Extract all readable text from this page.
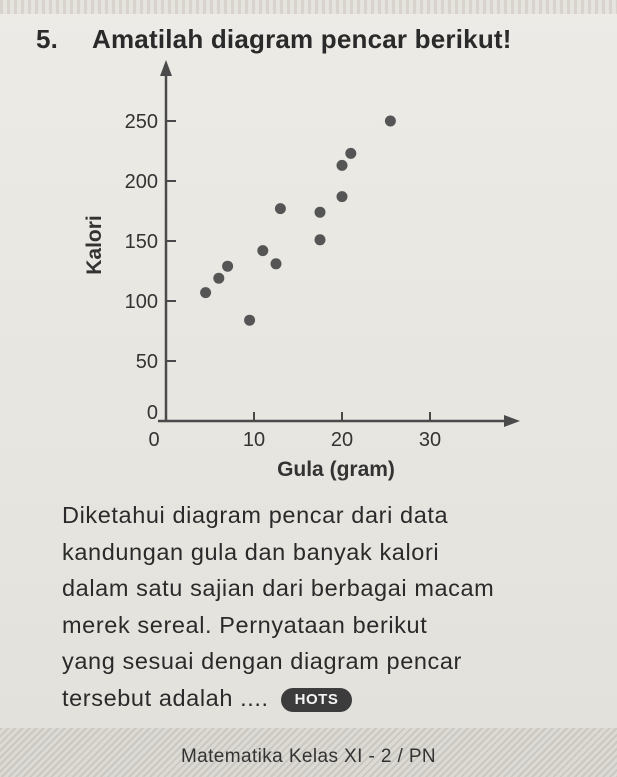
5. Amatilah diagram pencar berikut!
0
50
100
150
200
250
0	10	20	30
Kalori
Gula (gram)
Diketahui diagram pencar dari data
kandungan gula dan banyak kalori
dalam satu sajian dari berbagai macam
merek sereal. Pernyataan berikut
yang sesuai dengan diagram pencar
tersebut adalah .... HOTS
Matematika Kelas XI - 2 / PN
